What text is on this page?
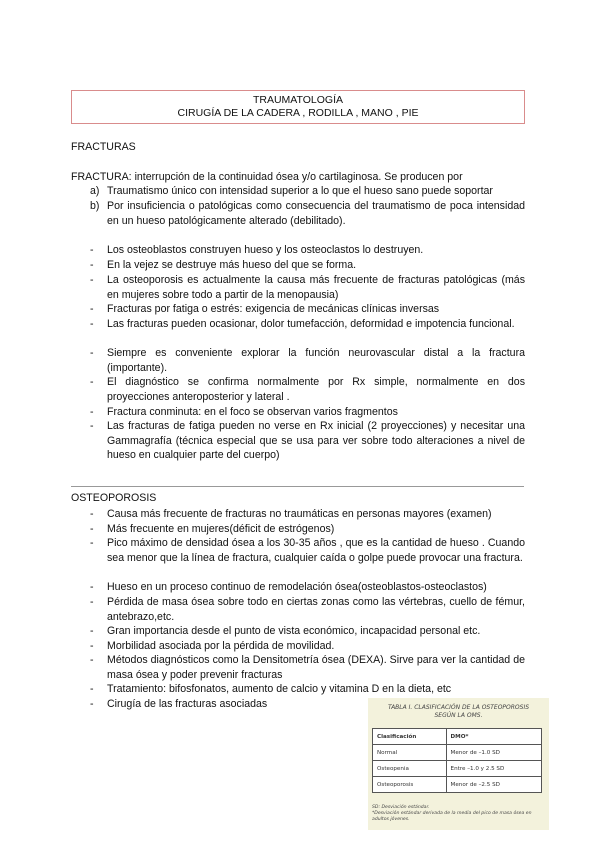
TRAUMATOLOGÍA
CIRUGÍA DE LA CADERA , RODILLA , MANO , PIE
FRACTURAS
FRACTURA: interrupción de la continuidad ósea y/o cartilaginosa. Se producen por
a) Traumatismo único con intensidad superior a lo que el hueso sano puede soportar
b) Por insuficiencia o patológicas como consecuencia del traumatismo de poca intensidad en un hueso patológicamente alterado (debilitado).
- Los osteoblastos construyen hueso y los osteoclastos lo destruyen.
- En la vejez se destruye más hueso del que se forma.
- La osteoporosis es actualmente la causa más frecuente de fracturas patológicas (más en mujeres sobre todo a partir de la menopausia)
- Fracturas por fatiga o estrés: exigencia de mecánicas clínicas inversas
- Las fracturas pueden ocasionar, dolor tumefacción, deformidad e impotencia funcional.
- Siempre es conveniente explorar la función neurovascular distal a la fractura (importante).
- El diagnóstico se confirma normalmente por Rx simple, normalmente en dos proyecciones anteroposterior y lateral .
- Fractura conminuta: en el foco se observan varios fragmentos
- Las fracturas de fatiga pueden no verse en Rx inicial (2 proyecciones) y necesitar una Gammagrafía (técnica especial que se usa para ver sobre todo alteraciones a nivel de hueso en cualquier parte del cuerpo)
OSTEOPOROSIS
- Causa más frecuente de fracturas no traumáticas en personas mayores (examen)
- Más frecuente en mujeres(déficit de estrógenos)
- Pico máximo de densidad ósea a los 30-35 años , que es la cantidad de hueso . Cuando sea menor que la línea de fractura, cualquier caída o golpe puede provocar una fractura.
- Hueso en un proceso continuo de remodelación ósea(osteoblastos-osteoclastos)
- Pérdida de masa ósea sobre todo en ciertas zonas como las vértebras, cuello de fémur, antebrazo,etc.
- Gran importancia desde el punto de vista económico, incapacidad personal etc.
- Morbilidad asociada por la pérdida de movilidad.
- Métodos diagnósticos como la Densitometría ósea (DEXA). Sirve para ver la cantidad de masa ósea y poder prevenir fracturas
- Tratamiento: bifosfonatos, aumento de calcio y vitamina D en la dieta, etc
- Cirugía de las fracturas asociadas	TABLA I. CLASIFICACIÓN DE LA OSTEOPOROSIS
SEGÚN LA OMS.
Clasificación	DMO*
Normal	Menor de –1.0 SD
Osteopenia	Entre –1.0 y 2.5 SD
Osteoporosis	Menor de –2.5 SD
SD: Desviación estándar.
*Desviación estándar derivada de la media del pico de masa ósea en adultos jóvenes.
